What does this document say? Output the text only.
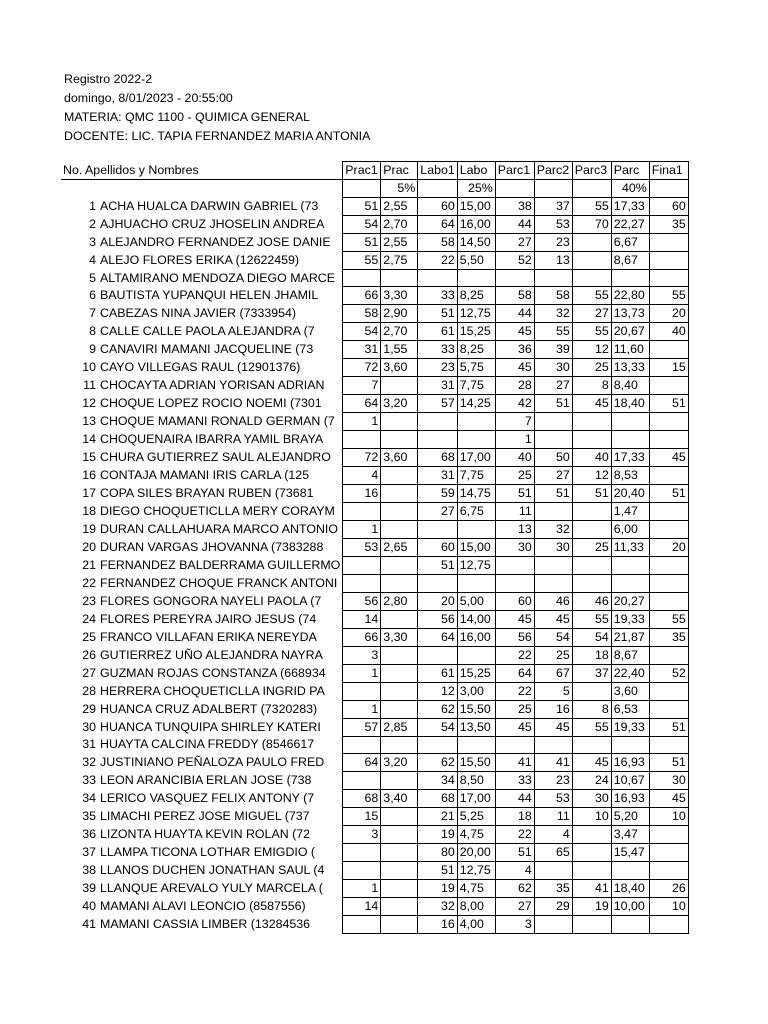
Registro 2022-2
domingo, 8/01/2023 - 20:55:00
MATERIA: QMC 1100 - QUIMICA GENERAL
DOCENTE: LIC. TAPIA FERNANDEZ MARIA ANTONIA
No. Apellidos y Nombres		Prac1	Prac	Labo1	Labo	Parc1	Parc2	Parc3	Parc	Fina1
			5%		25%				40%	
1	ACHA HUALCA DARWIN GABRIEL (73	51	2,55	60	15,00	38	37	55	17,33	60
2	AJHUACHO CRUZ JHOSELIN ANDREA	54	2,70	64	16,00	44	53	70	22,27	35
3	ALEJANDRO FERNANDEZ JOSE DANIE	51	2,55	58	14,50	27	23		6,67	
4	ALEJO FLORES ERIKA (12622459)	55	2,75	22	5,50	52	13		8,67	
5	ALTAMIRANO MENDOZA DIEGO MARCE									
6	BAUTISTA YUPANQUI HELEN JHAMIL	66	3,30	33	8,25	58	58	55	22,80	55
7	CABEZAS NINA JAVIER (7333954)	58	2,90	51	12,75	44	32	27	13,73	20
8	CALLE CALLE PAOLA ALEJANDRA (7	54	2,70	61	15,25	45	55	55	20,67	40
9	CANAVIRI MAMANI JACQUELINE (73	31	1,55	33	8,25	36	39	12	11,60	
10	CAYO VILLEGAS RAUL (12901376)	72	3,60	23	5,75	45	30	25	13,33	15
11	CHOCAYTA ADRIAN YORISAN ADRIAN	7		31	7,75	28	27	8	8,40	
12	CHOQUE LOPEZ ROCIO NOEMI (7301	64	3,20	57	14,25	42	51	45	18,40	51
13	CHOQUE MAMANI RONALD GERMAN (7	1				7				
14	CHOQUENAIRA IBARRA YAMIL BRAYA					1				
15	CHURA GUTIERREZ SAUL ALEJANDRO	72	3,60	68	17,00	40	50	40	17,33	45
16	CONTAJA MAMANI IRIS CARLA (125	4		31	7,75	25	27	12	8,53	
17	COPA SILES BRAYAN RUBEN (73681	16		59	14,75	51	51	51	20,40	51
18	DIEGO CHOQUETICLLA MERY CORAYM			27	6,75	11			1,47	
19	DURAN CALLAHUARA MARCO ANTONIO	1				13	32		6,00	
20	DURAN VARGAS JHOVANNA (7383288	53	2,65	60	15,00	30	30	25	11,33	20
21	FERNANDEZ BALDERRAMA GUILLERMO			51	12,75					
22	FERNANDEZ CHOQUE FRANCK ANTONI									
23	FLORES GONGORA NAYELI PAOLA (7	56	2,80	20	5,00	60	46	46	20,27	
24	FLORES PEREYRA JAIRO JESUS (74	14		56	14,00	45	45	55	19,33	55
25	FRANCO VILLAFAN ERIKA NEREYDA	66	3,30	64	16,00	56	54	54	21,87	35
26	GUTIERREZ UÑO ALEJANDRA NAYRA	3				22	25	18	8,67	
27	GUZMAN ROJAS CONSTANZA (668934	1		61	15,25	64	67	37	22,40	52
28	HERRERA CHOQUETICLLA INGRID PA			12	3,00	22	5		3,60	
29	HUANCA CRUZ ADALBERT (7320283)	1		62	15,50	25	16	8	6,53	
30	HUANCA TUNQUIPA SHIRLEY KATERI	57	2,85	54	13,50	45	45	55	19,33	51
31	HUAYTA CALCINA FREDDY (8546617									
32	JUSTINIANO PEÑALOZA PAULO FRED	64	3,20	62	15,50	41	41	45	16,93	51
33	LEON ARANCIBIA ERLAN JOSE (738			34	8,50	33	23	24	10,67	30
34	LERICO VASQUEZ FELIX ANTONY (7	68	3,40	68	17,00	44	53	30	16,93	45
35	LIMACHI PEREZ JOSE MIGUEL (737	15		21	5,25	18	11	10	5,20	10
36	LIZONTA HUAYTA KEVIN ROLAN (72	3		19	4,75	22	4		3,47	
37	LLAMPA TICONA LOTHAR EMIGDIO (			80	20,00	51	65		15,47	
38	LLANOS DUCHEN JONATHAN SAUL (4			51	12,75	4				
39	LLANQUE AREVALO YULY MARCELA (	1		19	4,75	62	35	41	18,40	26
40	MAMANI ALAVI LEONCIO (8587556)	14		32	8,00	27	29	19	10,00	10
41	MAMANI CASSIA LIMBER (13284536			16	4,00	3				
